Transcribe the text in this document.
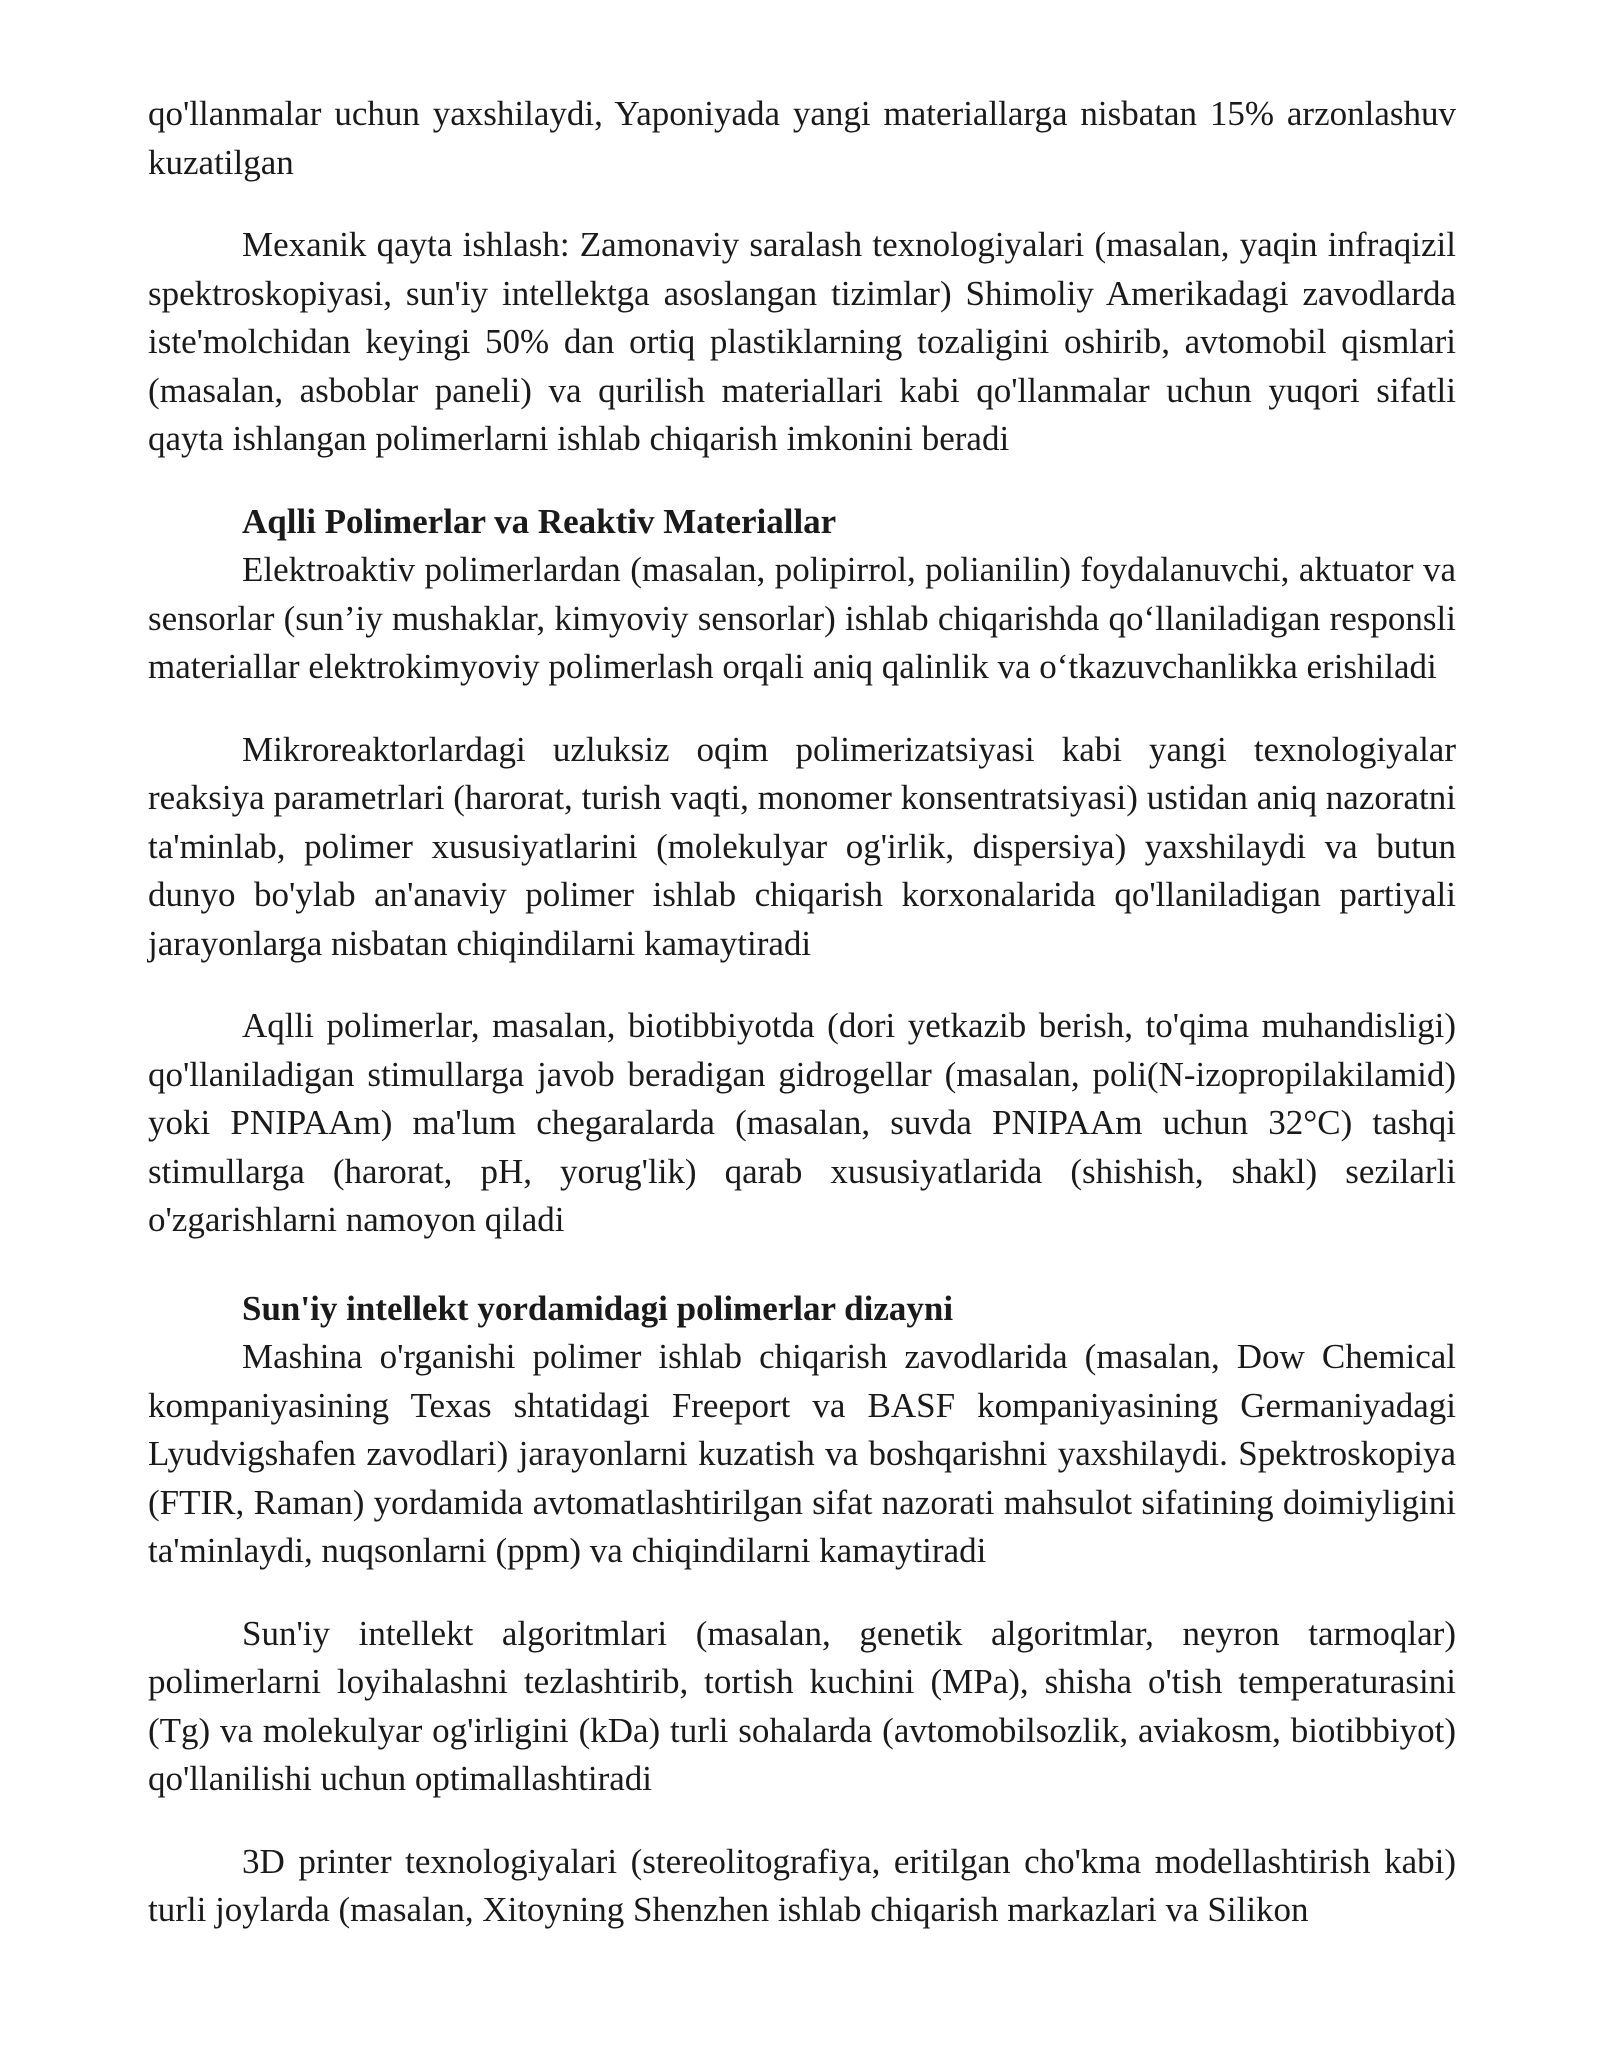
qo'llanmalar uchun yaxshilaydi, Yaponiyada yangi materiallarga nisbatan 15% arzonlashuv kuzatilgan

Mexanik qayta ishlash: Zamonaviy saralash texnologiyalari (masalan, yaqin infraqizil spektroskopiyasi, sun'iy intellektga asoslangan tizimlar) Shimoliy Amerikadagi zavodlarda iste'molchidan keyingi 50% dan ortiq plastiklarning tozaligini oshirib, avtomobil qismlari (masalan, asboblar paneli) va qurilish materiallari kabi qo'llanmalar uchun yuqori sifatli qayta ishlangan polimerlarni ishlab chiqarish imkonini beradi

Aqlli Polimerlar va Reaktiv Materiallar

Elektroaktiv polimerlardan (masalan, polipirrol, polianilin) foydalanuvchi, aktuator va sensorlar (sun’iy mushaklar, kimyoviy sensorlar) ishlab chiqarishda qo‘llaniladigan responsli materiallar elektrokimyoviy polimerlash orqali aniq qalinlik va o‘tkazuvchanlikka erishiladi

Mikroreaktorlardagi uzluksiz oqim polimerizatsiyasi kabi yangi texnologiyalar reaksiya parametrlari (harorat, turish vaqti, monomer konsentratsiyasi) ustidan aniq nazoratni ta'minlab, polimer xususiyatlarini (molekulyar og'irlik, dispersiya) yaxshilaydi va butun dunyo bo'ylab an'anaviy polimer ishlab chiqarish korxonalarida qo'llaniladigan partiyali jarayonlarga nisbatan chiqindilarni kamaytiradi

Aqlli polimerlar, masalan, biotibbiyotda (dori yetkazib berish, to'qima muhandisligi) qo'llaniladigan stimullarga javob beradigan gidrogellar (masalan, poli(N-izopropilakilamid) yoki PNIPAAm) ma'lum chegaralarda (masalan, suvda PNIPAAm uchun 32°C) tashqi stimullarga (harorat, pH, yorug'lik) qarab xususiyatlarida (shishish, shakl) sezilarli o'zgarishlarni namoyon qiladi

Sun'iy intellekt yordamidagi polimerlar dizayni

Mashina o'rganishi polimer ishlab chiqarish zavodlarida (masalan, Dow Chemical kompaniyasining Texas shtatidagi Freeport va BASF kompaniyasining Germaniyadagi Lyudvigshafen zavodlari) jarayonlarni kuzatish va boshqarishni yaxshilaydi. Spektroskopiya (FTIR, Raman) yordamida avtomatlashtirilgan sifat nazorati mahsulot sifatining doimiyligini ta'minlaydi, nuqsonlarni (ppm) va chiqindilarni kamaytiradi

Sun'iy intellekt algoritmlari (masalan, genetik algoritmlar, neyron tarmoqlar) polimerlarni loyihalashni tezlashtirib, tortish kuchini (MPa), shisha o'tish temperaturasini (Tg) va molekulyar og'irligini (kDa) turli sohalarda (avtomobilsozlik, aviakosm, biotibbiyot) qo'llanilishi uchun optimallashtiradi

3D printer texnologiyalari (stereolitografiya, eritilgan cho'kma modellashtirish kabi) turli joylarda (masalan, Xitoyning Shenzhen ishlab chiqarish markazlari va Silikon
